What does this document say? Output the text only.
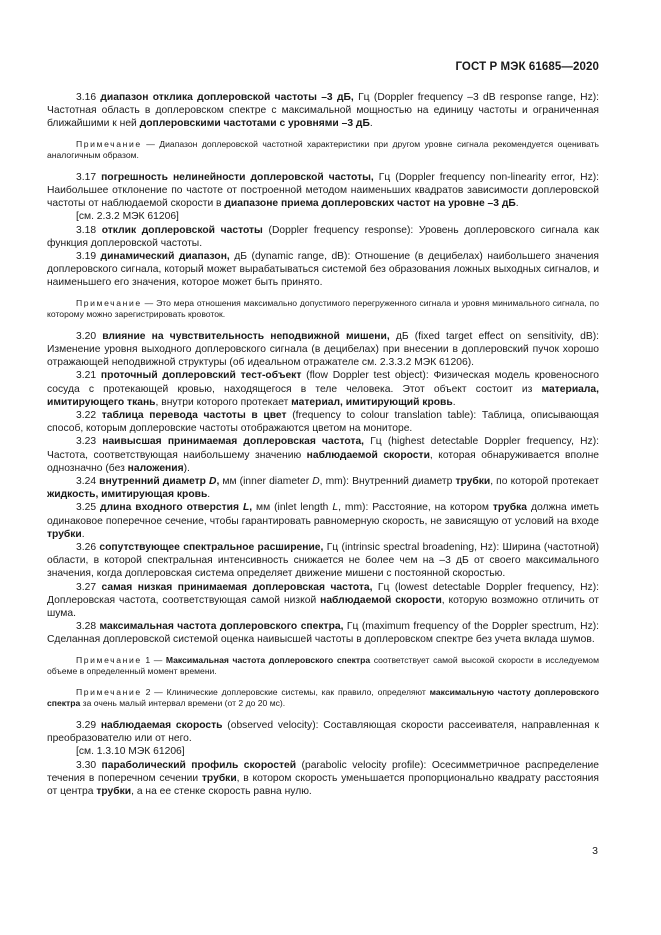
ГОСТ Р МЭК 61685—2020
3.16 диапазон отклика доплеровской частоты –3 дБ, Гц (Doppler frequency –3 dB response range, Hz): Частотная область в доплеровском спектре с максимальной мощностью на единицу частоты и ограниченная ближайшими к ней доплеровскими частотами с уровнями –3 дБ.
Примечание — Диапазон доплеровской частотной характеристики при другом уровне сигнала рекомендуется оценивать аналогичным образом.
3.17 погрешность нелинейности доплеровской частоты, Гц (Doppler frequency non-linearity error, Hz): Наибольшее отклонение по частоте от построенной методом наименьших квадратов зависимости доплеровской частоты от наблюдаемой скорости в диапазоне приема доплеровских частот на уровне –3 дБ.
[см. 2.3.2 МЭК 61206]
3.18 отклик доплеровской частоты (Doppler frequency response): Уровень доплеровского сигнала как функция доплеровской частоты.
3.19 динамический диапазон, дБ (dynamic range, dB): Отношение (в децибелах) наибольшего значения доплеровского сигнала, который может вырабатываться системой без образования ложных выходных сигналов, и наименьшего его значения, которое может быть принято.
Примечание — Это мера отношения максимально допустимого перегруженного сигнала и уровня минимального сигнала, по которому можно зарегистрировать кровоток.
3.20 влияние на чувствительность неподвижной мишени, дБ (fixed target effect on sensitivity, dB): Изменение уровня выходного доплеровского сигнала (в децибелах) при внесении в доплеровский пучок хорошо отражающей неподвижной структуры (об идеальном отражателе см. 2.3.3.2 МЭК 61206).
3.21 проточный доплеровский тест-объект (flow Doppler test object): Физическая модель кровеносного сосуда с протекающей кровью, находящегося в теле человека. Этот объект состоит из материала, имитирующего ткань, внутри которого протекает материал, имитирующий кровь.
3.22 таблица перевода частоты в цвет (frequency to colour translation table): Таблица, описывающая способ, которым доплеровские частоты отображаются цветом на мониторе.
3.23 наивысшая принимаемая доплеровская частота, Гц (highest detectable Doppler frequency, Hz): Частота, соответствующая наибольшему значению наблюдаемой скорости, которая обнаруживается вполне однозначно (без наложения).
3.24 внутренний диаметр D, мм (inner diameter D, mm): Внутренний диаметр трубки, по которой протекает жидкость, имитирующая кровь.
3.25 длина входного отверстия L, мм (inlet length L, mm): Расстояние, на котором трубка должна иметь одинаковое поперечное сечение, чтобы гарантировать равномерную скорость, не зависящую от условий на входе трубки.
3.26 сопутствующее спектральное расширение, Гц (intrinsic spectral broadening, Hz): Ширина (частотной) области, в которой спектральная интенсивность снижается не более чем на –3 дБ от своего максимального значения, когда доплеровская система определяет движение мишени с постоянной скоростью.
3.27 самая низкая принимаемая доплеровская частота, Гц (lowest detectable Doppler frequency, Hz): Доплеровская частота, соответствующая самой низкой наблюдаемой скорости, которую возможно отличить от шума.
3.28 максимальная частота доплеровского спектра, Гц (maximum frequency of the Doppler spectrum, Hz): Сделанная доплеровской системой оценка наивысшей частоты в доплеровском спектре без учета вклада шумов.
Примечание 1 — Максимальная частота доплеровского спектра соответствует самой высокой скорости в исследуемом объеме в определенный момент времени.
Примечание 2 — Клинические доплеровские системы, как правило, определяют максимальную частоту доплеровского спектра за очень малый интервал времени (от 2 до 20 мс).
3.29 наблюдаемая скорость (observed velocity): Составляющая скорости рассеивателя, направленная к преобразователю или от него.
[см. 1.3.10 МЭК 61206]
3.30 параболический профиль скоростей (parabolic velocity profile): Осесимметричное распределение течения в поперечном сечении трубки, в котором скорость уменьшается пропорционально квадрату расстояния от центра трубки, а на ее стенке скорость равна нулю.
3
